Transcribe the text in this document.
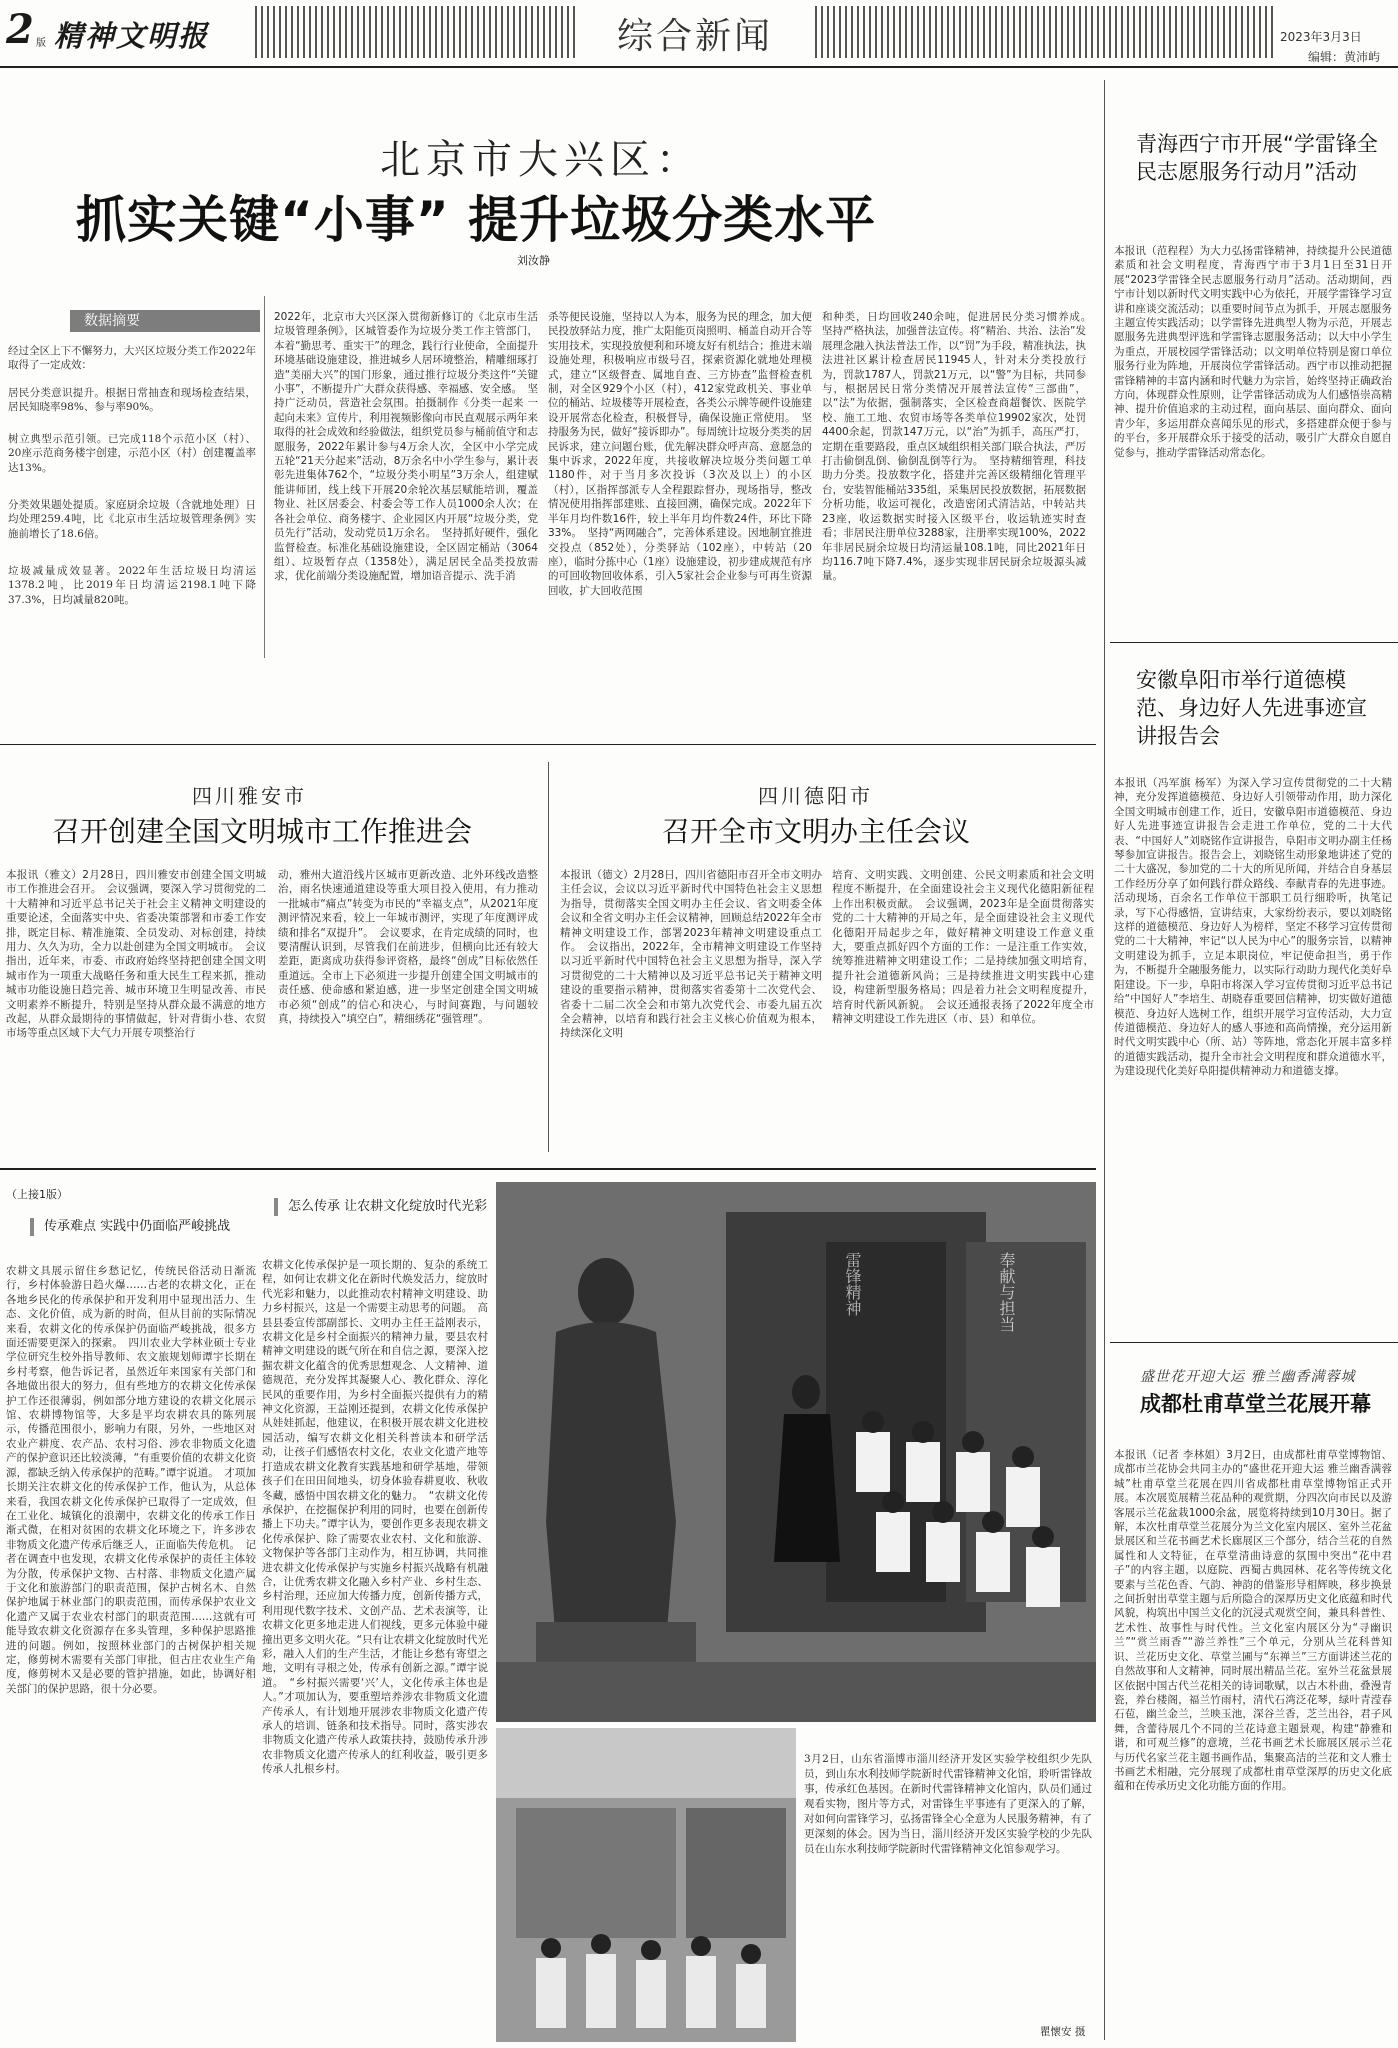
2 版 精神文明报	综合新闻	2023年3月3日
编辑：黄沛屿
北京市大兴区：
抓实关键“小事” 提升垃圾分类水平
刘汝静
数据摘要
经过全区上下不懈努力，大兴区垃圾分类工作2022年取得了一定成效：
居民分类意识提升。根据日常抽查和现场检查结果，居民知晓率98%、参与率90%。
树立典型示范引领。已完成118个示范小区（村）、20座示范商务楼宇创建，示范小区（村）创建覆盖率达13%。
分类效果题处提质。家庭厨余垃圾（含就地处理）日均处理259.4吨，比《北京市生活垃圾管理条例》实施前增长了18.6倍。
垃圾减量成效显著。2022年生活垃圾日均清运1378.2吨，比2019年日均清运2198.1吨下降37.3%，日均减量820吨。
2022年，北京市大兴区深入贯彻新修订的《北京市生活垃圾管理条例》，区城管委作为垃圾分类工作主管部门，本着“勤思考、重实干”的理念，践行行业使命，全面提升环境基础设施建设，推进城乡人居环境整治，精雕细琢打造“美丽大兴”的国门形象，通过推行垃圾分类这件“关键小事”，不断提升广大群众获得感、幸福感、安全感。　坚持广泛动员，营造社会氛围。拍摄制作《分类一起来 一起向未来》宣传片，利用视频影像向市民直观展示两年来取得的社会成效和经验做法，组织党员参与桶前值守和志愿服务，2022年累计参与4万余人次，全区中小学完成五轮“21天分起来”活动，8万余名中小学生参与，累计表彰先进集体762个，“垃圾分类小明星”3万余人，组建赋能讲师团，线上线下开展20余轮次基层赋能培训，覆盖物业、社区居委会、村委会等工作人员1000余人次；在各社会单位、商务楼宇、企业园区内开展“垃圾分类，党员先行”活动，发动党员1万余名。　坚持抓好硬件，强化监督检查。标准化基础设施建设，全区固定桶站（3064组）、垃圾暂存点（1358处），满足居民全品类投放需求，优化前端分类设施配置，增加语音提示、洗手消
杀等便民设施，坚持以人为本，服务为民的理念，加大便民投放驿站力度，推广太阳能页岗照明、桶盖自动开合等实用技术，实现投放便利和环境友好有机结合；推进末端设施处理，积极响应市级号召，探索资源化就地处理模式，建立“区级督查、属地自查、三方协查”监督检查机制，对全区929个小区（村），412家党政机关、事业单位的桶站、垃圾楼等开展检查，各类公示牌等硬件设施建设开展常态化检查，积极督导，确保设施正常使用。　坚持服务为民，做好“接诉即办”。每周统计垃圾分类类的居民诉求，建立问题台账，优先解决群众呼声高、意愿急的集中诉求，2022年度，共接收解决垃圾分类问题工单1180件，对于当月多次投诉（3次及以上）的小区（村），区指挥部派专人全程跟踪督办，现场指导，整改情况使用指挥部建账、直接回溯，确保完成。2022年下半年月均件数16件，较上半年月均件数24件，环比下降33%。　坚持“两网融合”，完善体系建设。因地制宜推进交投点（852处），分类驿站（102座），中转站（20座），临时分拣中心（1座）设施建设，初步建成规范有序的可回收物回收体系，引入5家社会企业参与可再生资源回收，扩大回收范围
和种类，日均回收240余吨，促进居民分类习惯养成。　坚持严格执法，加强普法宣传。将“精治、共治、法治”发展理念融入执法普法工作，以“罚”为手段，精准执法，执法进社区累计检查居民11945人，针对未分类投放行为，罚款1787人，罚款21万元，以“警”为目标，共同参与，根据居民日常分类情况开展普法宣传“三部曲”，以“法”为依据，强制落实，全区检查商超餐饮、医院学校、施工工地、农贸市场等各类单位19902家次，处罚4400余起，罚款147万元，以“治”为抓手，高压严打，定期在重要路段，重点区域组织相关部门联合执法，严厉打击偷倒乱倒、偷倒乱倒等行为。　坚持精细管理，科技助力分类。投放数字化，搭建并完善区级精细化管理平台，安装智能桶站335组，采集居民投放数据，拓展数据分析功能，收运可视化，改造密闭式清洁站，中转站共23座，收运数据实时接入区级平台，收运轨迹实时查看；非居民注册单位3288家，注册率实现100%，2022年非居民厨余垃圾日均清运量108.1吨，同比2021年日均116.7吨下降7.4%，逐步实现非居民厨余垃圾源头减量。
青海西宁市开展“学雷锋全民志愿服务行动月”活动
本报讯（范程程）为大力弘扬雷锋精神，持续提升公民道德素质和社会文明程度，青海西宁市于3月1日至31日开展“2023学雷锋全民志愿服务行动月”活动。活动期间，西宁市计划以新时代文明实践中心为依托，开展学雷锋学习宣讲和座谈交流活动；以重要时间节点为抓手，开展志愿服务主题宣传实践活动；以学雷锋先进典型人物为示范，开展志愿服务先进典型评选和学雷锋志愿服务活动；以大中小学生为重点，开展校园学雷锋活动；以文明单位特别是窗口单位服务行业为阵地，开展岗位学雷锋活动。西宁市以推动把握雷锋精神的丰富内涵和时代魅力为宗旨，始终坚持正确政治方向，体现群众性原则，让学雷锋活动成为人们感悟崇高精神、提升价值追求的主动过程，面向基层、面向群众、面向青少年，多运用群众喜闻乐见的形式，多搭建群众便于参与的平台，多开展群众乐于接受的活动，吸引广大群众自愿自觉参与，推动学雷锋活动常态化。
安徽阜阳市举行道德模范、身边好人先进事迹宣讲报告会
本报讯（冯军旗 杨军）为深入学习宣传贯彻党的二十大精神，充分发挥道德模范、身边好人引领带动作用，助力深化全国文明城市创建工作，近日，安徽阜阳市道德模范、身边好人先进事迹宣讲报告会走进工作单位，党的二十大代表、“中国好人”刘晓铭作宣讲报告，阜阳市文明办副主任杨琴参加宣讲报告。报告会上，刘晓铭生动形象地讲述了党的二十大盛况，参加党的二十大的所见所闻，并结合自身基层工作经历分享了如何践行群众路线、奉献青春的先进事迹。活动现场，百余名工作单位干部职工员行细聆听，执笔记录，写下心得感悟，宣讲结束，大家纷纷表示，要以刘晓铭这样的道德模范、身边好人为榜样，坚定不移学习宣传贯彻党的二十大精神，牢记“以人民为中心”的服务宗旨，以精神文明建设为抓手，立足本职岗位，牢记使命担当，勇于作为，不断提升全融服务能力，以实际行动助力现代化美好阜阳建设。下一步，阜阳市将深入学习宣传贯彻习近平总书记给“中国好人”李培生、胡晓春重要回信精神，切实做好道德模范、身边好人选树工作，组织开展学习宣传活动，大力宣传道德模范、身边好人的感人事迹和高尚情操，充分运用新时代文明实践中心（所、站）等阵地，常态化开展丰富多样的道德实践活动，提升全市社会文明程度和群众道德水平，为建设现代化美好阜阳提供精神动力和道德支撑。
盛世花开迎大运 雅兰幽香满蓉城
成都杜甫草堂兰花展开幕
本报讯（记者 李林姐）3月2日，由成都杜甫草堂博物馆、成都市兰花协会共同主办的“盛世花开迎大运 雅兰幽香满蓉城”杜甫草堂兰花展在四川省成都杜甫草堂博物馆正式开展。本次展览展精兰花品种的观赏期，分四次向市民以及游客展示兰花盆栽1000余盆，展览将持续到10月30日。据了解，本次杜甫草堂兰花展分为兰文化室内展区、室外兰花盆景展区和兰花书画艺术长廊展区三个部分，结合兰花的自然属性和人文特征，在草堂清曲诗意的氛围中突出“花中君子”的内容主题，以庭院、西蜀古典园林、花名等传统文化要素与兰花色香、气韵、神韵的借鉴形导相辉映，移步换景之间折射出草堂主题与后所隐合的深厚历史文化底蕴和时代风貌，构筑出中国兰文化的沉浸式观赏空间，兼具科普性、艺术性、故事性与时代性。兰文化室内展区分为“寻幽识兰”“赏兰雨香”“游兰养性”三个单元，分别从兰花科普知识、兰花历史文化、草堂兰圃与“东禅兰”三方面讲述兰花的自然故事和人文精神，同时展出精品兰花。室外兰花盆景展区依据中国古代兰花相关的诗词歌赋，以古木朴曲，叠漫青瓷，养台楼阁，福兰竹雨村，清代石湾泛花琴，绿叶青滢春石苞，幽兰金兰，兰映玉池，深谷兰香，芝兰出谷，君子风舞，含蕾待展几个不同的兰花诗意主题景观，构建“静雅和谐，和可观兰修”的意境，兰花书画艺术长廊展区展示兰花与历代名家兰花主题书画作品，集聚高洁的兰花和文人雅士书画艺术相融，完分展现了成都杜甫草堂深厚的历史文化底蕴和在传承历史文化功能方面的作用。
四川雅安市
召开创建全国文明城市工作推进会
本报讯（雅文）2月28日，四川雅安市创建全国文明城市工作推进会召开。　会议强调，要深入学习贯彻党的二十大精神和习近平总书记关于社会主义精神文明建设的重要论述，全面落实中央、省委决策部署和市委工作安排，既定目标、精准施策、全员发动、对标创建，持续用力、久久为功，全力以赴创建为全国文明城市。　会议指出，近年来，市委、市政府始终坚持把创建全国文明城市作为一项重大战略任务和重大民生工程来抓，推动城市功能设施日趋完善、城市环境卫生明显改善、市民文明素养不断提升，特别是坚持从群众最不满意的地方改起，从群众最期待的事情做起，针对背街小巷、农贸市场等重点区域下大气力开展专项整治行
动，雅州大道沿线片区城市更新改造、北外环线改造整治，雨名快速通道建设等重大项目投入使用，有力推动一批城市“痛点”转变为市民的“幸福支点”，从2021年度测评情况来看，较上一年城市测评，实现了年度测评成绩和排名“双提升”。　会议要求，在肯定成绩的同时，也要清醒认识到，尽管我们在前进步，但横向比还有较大差距，距离成功获得参评资格，最终“创成”目标依然任重道远。全市上下必须进一步提升创建全国文明城市的责任感、使命感和紧迫感，进一步坚定创建全国文明城市必须“创成”的信心和决心，与时间赛跑，与问题较真，持续投入“填空白”，精细绣花“强管理”。
四川德阳市
召开全市文明办主任会议
本报讯（德文）2月28日，四川省德阳市召开全市文明办主任会议，会议以习近平新时代中国特色社会主义思想为指导，贯彻落实全国文明办主任会议、省文明委全体会议和全省文明办主任会议精神，回顾总结2022年全市精神文明建设工作，部署2023年精神文明建设重点工作。　会议指出，2022年，全市精神文明建设工作坚持以习近平新时代中国特色社会主义思想为指导，深入学习贯彻党的二十大精神以及习近平总书记关于精神文明建设的重要指示精神，贯彻落实省委第十二次党代会、省委十二届二次全会和市第九次党代会、市委九届五次全会精神，以培育和践行社会主义核心价值观为根本，持续深化文明
培育、文明实践、文明创建、公民文明素质和社会文明程度不断提升，在全面建设社会主义现代化德阳新征程上作出积极贡献。　会议强调，2023年是全面贯彻落实党的二十大精神的开局之年，是全面建设社会主义现代化德阳开局起步之年，做好精神文明建设工作意义重大，要重点抓好四个方面的工作：一是注重工作实效，统筹推进精神文明建设工作；二是持续加强文明培育，提升社会道德新风尚；三是持续推进文明实践中心建设，构建新型服务格局；四是着力社会文明程度提升，培育时代新风新貌。　会议还通报表扬了2022年度全市精神文明建设工作先进区（市、县）和单位。
（上接1版）
传承难点 实践中仍面临严峻挑战
农耕文具展示留住乡愁记忆，传统民俗活动日渐流行，乡村体验游日趋火爆……古老的农耕文化，正在各地乡民化的传承保护和开发利用中显现出活力、生态、文化价值，成为新的时尚，但从目前的实际情况来看，农耕文化的传承保护仍面临严峻挑战，很多方面还需要更深入的探索。　四川农业大学林业硕士专业学位研究生校外指导教师、农文旅规划师谭宇长期在乡村考察，他告诉记者，虽然近年来国家有关部门和各地做出很大的努力，但有些地方的农耕文化传承保护工作还很薄弱，例如部分地方建设的农耕文化展示馆、农耕博物馆等，大多是平均农耕农具的陈列展示，传播范围很小，影响力有限，另外，一些地区对农业产耕度、农产品、农村习俗、涉农非物质文化遗产的保护意识还比较淡薄，“有重要价值的农耕文化资源，都缺乏纳入传承保护的范畴。”谭宇说道。　才项加长期关注农耕文化的传承保护工作，他认为，从总体来看，我国农耕文化传承保护已取得了一定成效，但在工业化、城镇化的浪潮中，农耕文化的传承工作日渐式微，在相对贫困的农耕文化环境之下，许多涉农非物质文化遗产传承后继乏人，正面临失传危机。　记者在调查中也发现，农耕文化传承保护的责任主体较为分散，传承保护文物、古村落、非物质文化遗产属于文化和旅游部门的职责范围，保护古树名木、自然保护地属于林业部门的职责范围，而传承保护农业文化遗产又属于农业农村部门的职责范围……这就有可能导致农耕文化资源存在多头管理，多种保护思路推进的问题。例如，按照林业部门的古树保护相关规定，修剪树木需要有关部门审批，但古庄农业生产角度，修剪树木又是必要的管护措施，如此，协调好相关部门的保护思路，很十分必要。
怎么传承 让农耕文化绽放时代光彩
农耕文化传承保护是一项长期的、复杂的系统工程，如何让农耕文化在新时代焕发活力，绽放时代光彩和魅力，以此推动农村精神文明建设、助力乡村振兴，这是一个需要主动思考的问题。　高县县委宣传部副部长、文明办主任王益刚表示，农耕文化是乡村全面振兴的精神力量，要县农村精神文明建设的既气所在和自信之源，要深入挖掘农耕文化蕴含的优秀思想观念、人文精神、道德规范，充分发挥其凝聚人心、教化群众、淳化民风的重要作用，为乡村全面振兴提供有力的精神文化资源，王益刚还提到，农耕文化传承保护从娃娃抓起，他建议，在积极开展农耕文化进校园活动，编写农耕文化相关科普读本和研学活动，让孩子们感悟农村文化，农业文化遗产地等打造成农耕文化教育实践基地和研学基地，带领孩子们在田田间地头，切身体验春耕夏收、秋收冬藏，感悟中国农耕文化的魅力。　“农耕文化传承保护，在挖掘保护利用的同时，也要在创新传播上下功夫。”谭宇认为，要创作更多表现农耕文化传承保护、除了需要农业农村、文化和旅游、文物保护等各部门主动作为，相互协调，共同推进农耕文化传承保护与实施乡村振兴战略有机融合，让优秀农耕文化融入乡村产业、乡村生态、乡村治理，还应加大传播力度，创新传播方式，利用现代数字技术、文创产品、艺术表演等，让农耕文化更多地走进人们视线，更多元体验中碰撞出更多文明火花。“只有让农耕文化绽放时代光彩，融入人们的生产生活，才能让乡愁有寄望之地，文明有寻根之处，传承有创新之源。”谭宇说道。　“乡村振兴需要‘兴’人，文化传承主体也是人。”才项加认为，要重塑培养涉农非物质文化遗产传承人，有计划地开展涉农非物质文化遗产传承人的培训、链条和技术指导。同时，落实涉农非物质文化遗产传承人政策扶持，鼓励传承升涉农非物质文化遗产传承人的红利收益，吸引更多传承人扎根乡村。
雷锋精神	奉献与担当
3月2日，山东省淄博市淄川经济开发区实验学校组织少先队员，到山东水利技师学院新时代雷锋精神文化馆，聆听雷锋故事，传承红色基因。在新时代雷锋精神文化馆内，队员们通过观看实物，图片等方式，对雷锋生平事迹有了更深入的了解，对如何向雷锋学习，弘扬雷锋全心全意为人民服务精神，有了更深刻的体会。因为当日，淄川经济开发区实验学校的少先队员在山东水利技师学院新时代雷锋精神文化馆参观学习。
瞿懷安 摄
